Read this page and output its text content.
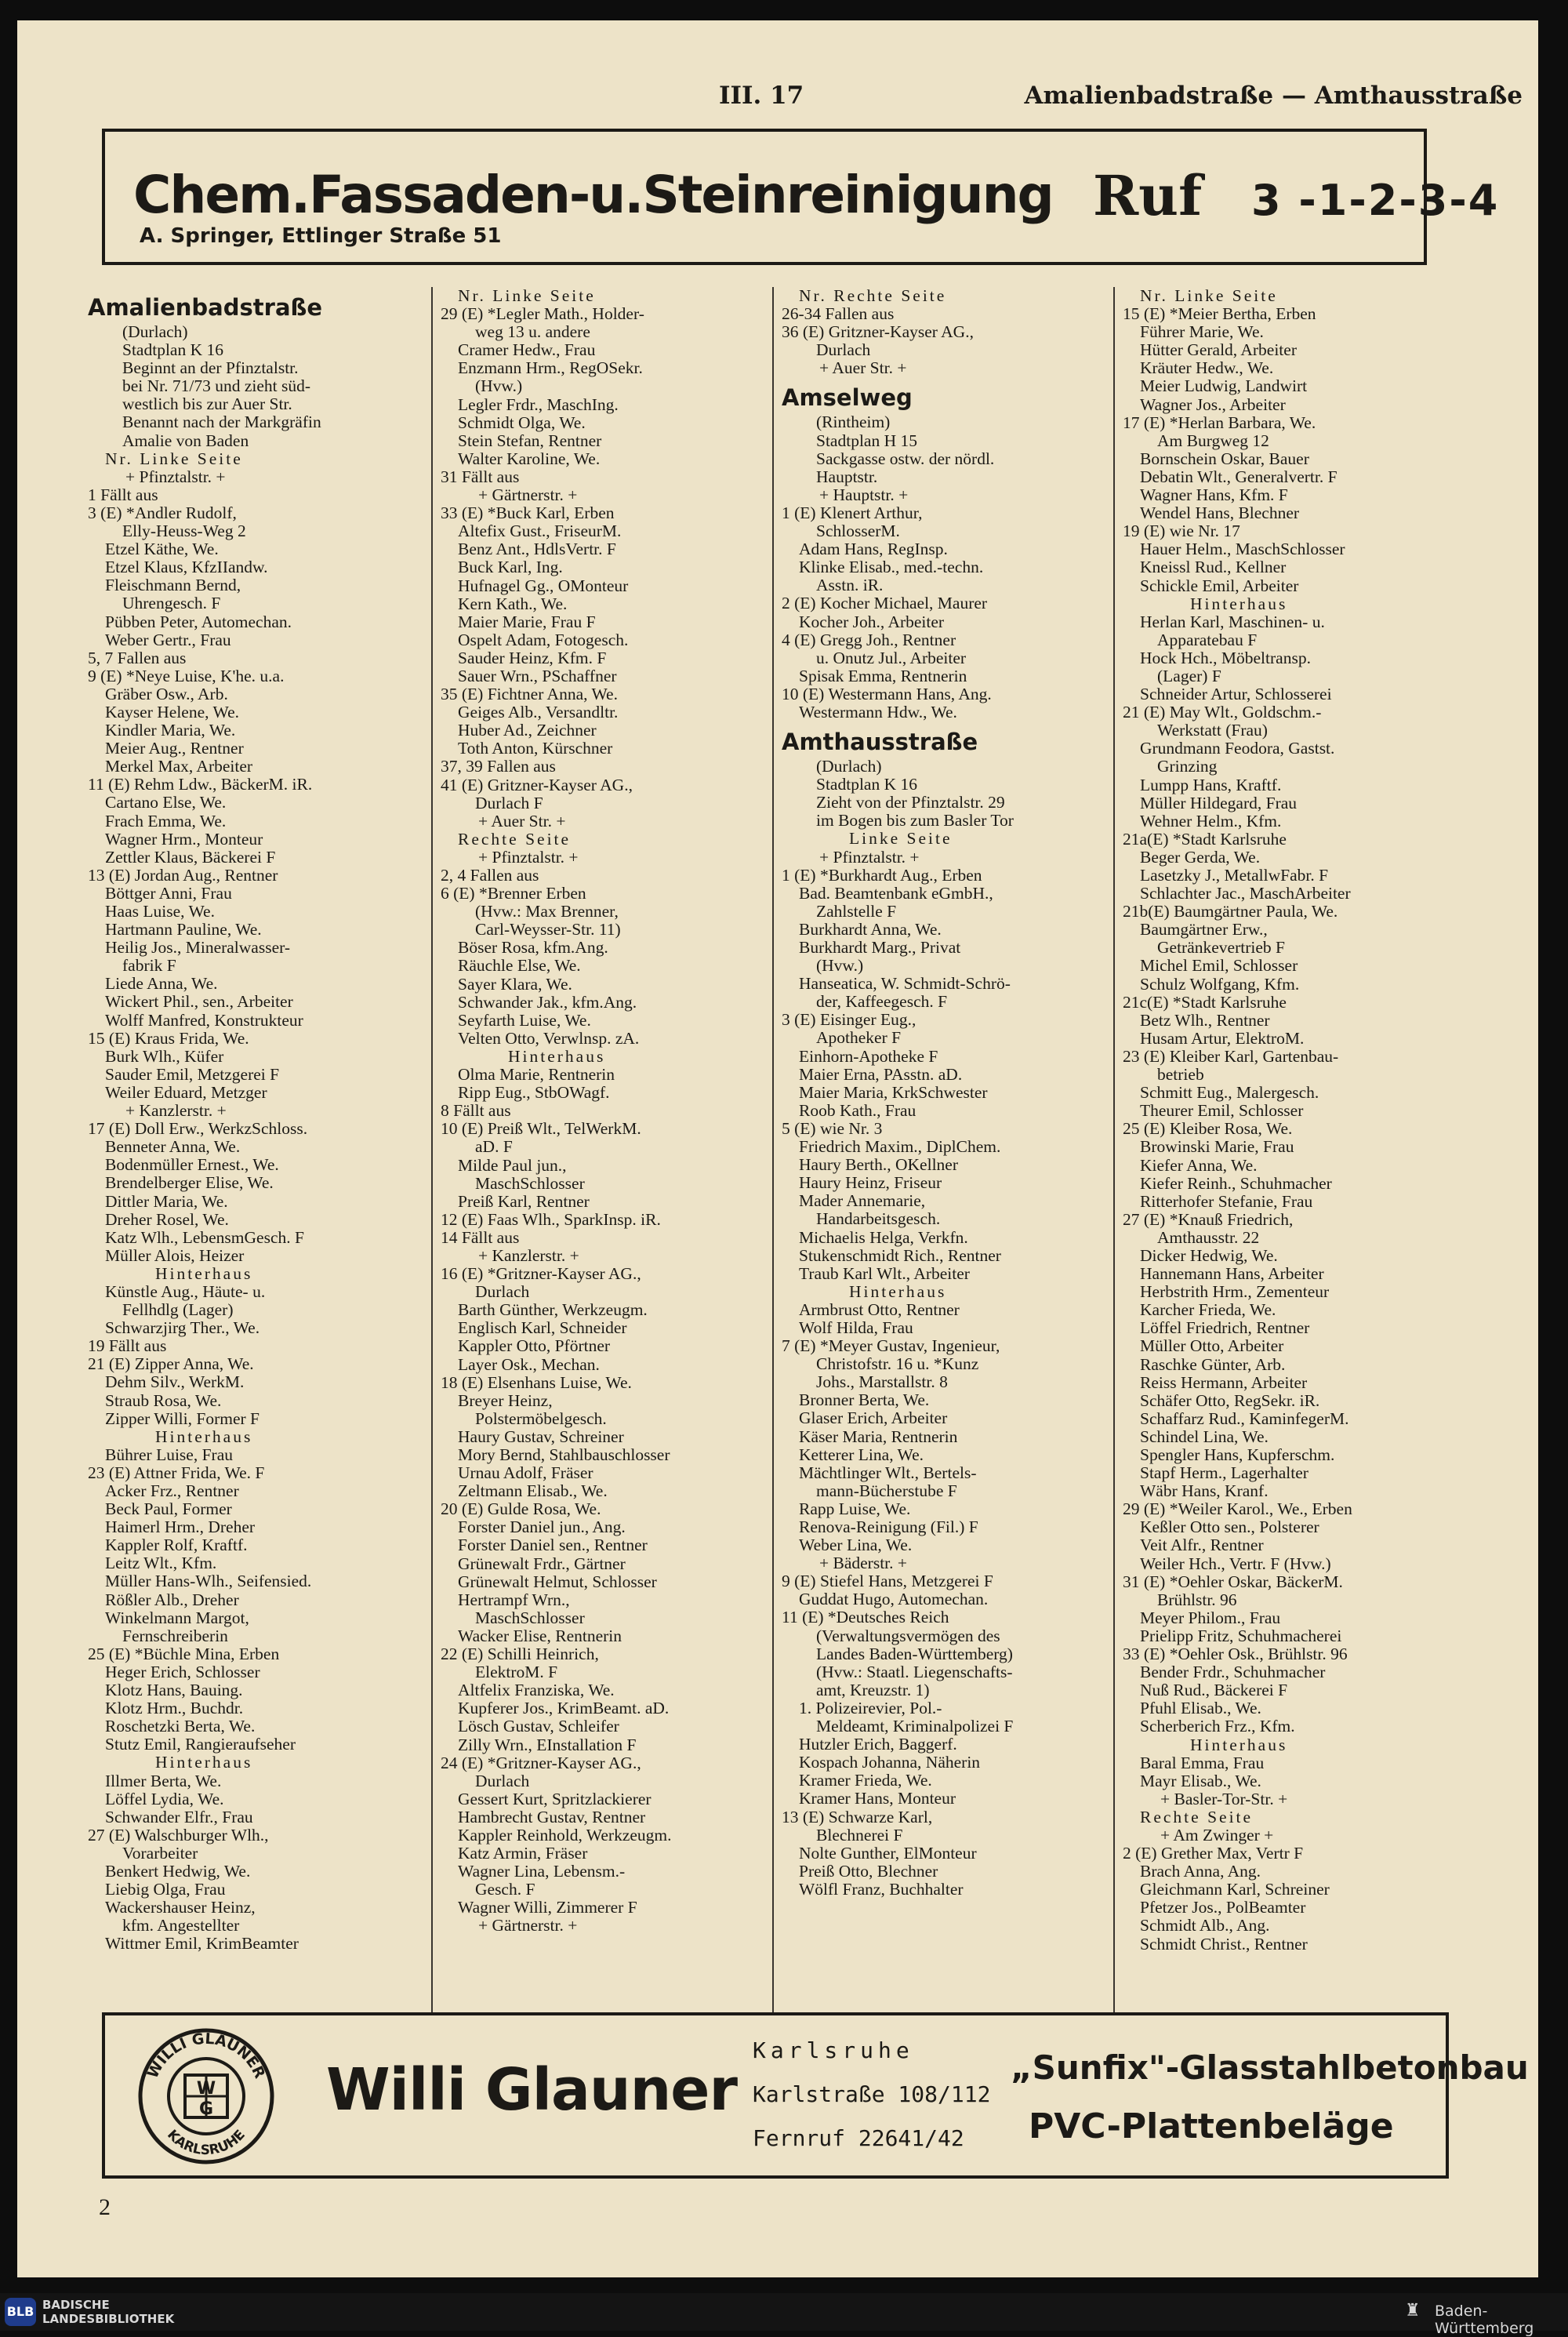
III. 17	Amalienbadstraße — Amthausstraße
Chem.Fassaden-u.Steinreinigung Ruf 3 -1-2-3-4
A. Springer, Ettlinger Straße 51
Amalienbadstraße
(Durlach)
Stadtplan K 16
Beginnt an der Pfinztalstr.
bei Nr. 71/73 und zieht süd-
westlich bis zur Auer Str.
Benannt nach der Markgräfin
Amalie von Baden
Nr. Linke Seite
+ Pfinztalstr. +
1 Fällt aus
3 (E) *Andler Rudolf,
Elly-Heuss-Weg 2
Etzel Käthe, We.
Etzel Klaus, KfzIIandw.
Fleischmann Bernd,
Uhrengesch. F
Pübben Peter, Automechan.
Weber Gertr., Frau
5, 7 Fallen aus
9 (E) *Neye Luise, K'he. u.a.
Gräber Osw., Arb.
Kayser Helene, We.
Kindler Maria, We.
Meier Aug., Rentner
Merkel Max, Arbeiter
11 (E) Rehm Ldw., BäckerM. iR.
Cartano Else, We.
Frach Emma, We.
Wagner Hrm., Monteur
Zettler Klaus, Bäckerei F
13 (E) Jordan Aug., Rentner
Böttger Anni, Frau
Haas Luise, We.
Hartmann Pauline, We.
Heilig Jos., Mineralwasser-
fabrik F
Liede Anna, We.
Wickert Phil., sen., Arbeiter
Wolff Manfred, Konstrukteur
15 (E) Kraus Frida, We.
Burk Wlh., Küfer
Sauder Emil, Metzgerei F
Weiler Eduard, Metzger
+ Kanzlerstr. +
17 (E) Doll Erw., WerkzSchloss.
Benneter Anna, We.
Bodenmüller Ernest., We.
Brendelberger Elise, We.
Dittler Maria, We.
Dreher Rosel, We.
Katz Wlh., LebensmGesch. F
Müller Alois, Heizer
Hinterhaus
Künstle Aug., Häute- u.
Fellhdlg (Lager)
Schwarzjirg Ther., We.
19 Fällt aus
21 (E) Zipper Anna, We.
Dehm Silv., WerkM.
Straub Rosa, We.
Zipper Willi, Former F
Hinterhaus
Bührer Luise, Frau
23 (E) Attner Frida, We. F
Acker Frz., Rentner
Beck Paul, Former
Haimerl Hrm., Dreher
Kappler Rolf, Kraftf.
Leitz Wlt., Kfm.
Müller Hans-Wlh., Seifensied.
Rößler Alb., Dreher
Winkelmann Margot,
Fernschreiberin
25 (E) *Büchle Mina, Erben
Heger Erich, Schlosser
Klotz Hans, Bauing.
Klotz Hrm., Buchdr.
Roschetzki Berta, We.
Stutz Emil, Rangieraufseher
Hinterhaus
Illmer Berta, We.
Löffel Lydia, We.
Schwander Elfr., Frau
27 (E) Walschburger Wlh.,
Vorarbeiter
Benkert Hedwig, We.
Liebig Olga, Frau
Wackershauser Heinz,
kfm. Angestellter
Wittmer Emil, KrimBeamter
Nr. Linke Seite
29 (E) *Legler Math., Holder-
weg 13 u. andere
Cramer Hedw., Frau
Enzmann Hrm., RegOSekr.
(Hvw.)
Legler Frdr., MaschIng.
Schmidt Olga, We.
Stein Stefan, Rentner
Walter Karoline, We.
31 Fällt aus
+ Gärtnerstr. +
33 (E) *Buck Karl, Erben
Altefix Gust., FriseurM.
Benz Ant., HdlsVertr. F
Buck Karl, Ing.
Hufnagel Gg., OMonteur
Kern Kath., We.
Maier Marie, Frau F
Ospelt Adam, Fotogesch.
Sauder Heinz, Kfm. F
Sauer Wrn., PSchaffner
35 (E) Fichtner Anna, We.
Geiges Alb., Versandltr.
Huber Ad., Zeichner
Toth Anton, Kürschner
37, 39 Fallen aus
41 (E) Gritzner-Kayser AG.,
Durlach F
+ Auer Str. +
Rechte Seite
+ Pfinztalstr. +
2, 4 Fallen aus
6 (E) *Brenner Erben
(Hvw.: Max Brenner,
Carl-Weysser-Str. 11)
Böser Rosa, kfm.Ang.
Räuchle Else, We.
Sayer Klara, We.
Schwander Jak., kfm.Ang.
Seyfarth Luise, We.
Velten Otto, Verwlnsp. zA.
Hinterhaus
Olma Marie, Rentnerin
Ripp Eug., StbOWagf.
8 Fällt aus
10 (E) Preiß Wlt., TelWerkM.
aD. F
Milde Paul jun.,
MaschSchlosser
Preiß Karl, Rentner
12 (E) Faas Wlh., SparkInsp. iR.
14 Fällt aus
+ Kanzlerstr. +
16 (E) *Gritzner-Kayser AG.,
Durlach
Barth Günther, Werkzeugm.
Englisch Karl, Schneider
Kappler Otto, Pförtner
Layer Osk., Mechan.
18 (E) Elsenhans Luise, We.
Breyer Heinz,
Polstermöbelgesch.
Haury Gustav, Schreiner
Mory Bernd, Stahlbauschlosser
Urnau Adolf, Fräser
Zeltmann Elisab., We.
20 (E) Gulde Rosa, We.
Forster Daniel jun., Ang.
Forster Daniel sen., Rentner
Grünewalt Frdr., Gärtner
Grünewalt Helmut, Schlosser
Hertrampf Wrn.,
MaschSchlosser
Wacker Elise, Rentnerin
22 (E) Schilli Heinrich,
ElektroM. F
Altfelix Franziska, We.
Kupferer Jos., KrimBeamt. aD.
Lösch Gustav, Schleifer
Zilly Wrn., EInstallation F
24 (E) *Gritzner-Kayser AG.,
Durlach
Gessert Kurt, Spritzlackierer
Hambrecht Gustav, Rentner
Kappler Reinhold, Werkzeugm.
Katz Armin, Fräser
Wagner Lina, Lebensm.-
Gesch. F
Wagner Willi, Zimmerer F
+ Gärtnerstr. +
Nr. Rechte Seite
26-34 Fallen aus
36 (E) Gritzner-Kayser AG.,
Durlach
+ Auer Str. +
Amselweg
(Rintheim)
Stadtplan H 15
Sackgasse ostw. der nördl.
Hauptstr.
+ Hauptstr. +
1 (E) Klenert Arthur,
SchlosserM.
Adam Hans, RegInsp.
Klinke Elisab., med.-techn.
Asstn. iR.
2 (E) Kocher Michael, Maurer
Kocher Joh., Arbeiter
4 (E) Gregg Joh., Rentner
u. Onutz Jul., Arbeiter
Spisak Emma, Rentnerin
10 (E) Westermann Hans, Ang.
Westermann Hdw., We.
Amthausstraße
(Durlach)
Stadtplan K 16
Zieht von der Pfinztalstr. 29
im Bogen bis zum Basler Tor
Linke Seite
+ Pfinztalstr. +
1 (E) *Burkhardt Aug., Erben
Bad. Beamtenbank eGmbH.,
Zahlstelle F
Burkhardt Anna, We.
Burkhardt Marg., Privat
(Hvw.)
Hanseatica, W. Schmidt-Schrö-
der, Kaffeegesch. F
3 (E) Eisinger Eug.,
Apotheker F
Einhorn-Apotheke F
Maier Erna, PAsstn. aD.
Maier Maria, KrkSchwester
Roob Kath., Frau
5 (E) wie Nr. 3
Friedrich Maxim., DiplChem.
Haury Berth., OKellner
Haury Heinz, Friseur
Mader Annemarie,
Handarbeitsgesch.
Michaelis Helga, Verkfn.
Stukenschmidt Rich., Rentner
Traub Karl Wlt., Arbeiter
Hinterhaus
Armbrust Otto, Rentner
Wolf Hilda, Frau
7 (E) *Meyer Gustav, Ingenieur,
Christofstr. 16 u. *Kunz
Johs., Marstallstr. 8
Bronner Berta, We.
Glaser Erich, Arbeiter
Käser Maria, Rentnerin
Ketterer Lina, We.
Mächtlinger Wlt., Bertels-
mann-Bücherstube F
Rapp Luise, We.
Renova-Reinigung (Fil.) F
Weber Lina, We.
+ Bäderstr. +
9 (E) Stiefel Hans, Metzgerei F
Guddat Hugo, Automechan.
11 (E) *Deutsches Reich
(Verwaltungsvermögen des
Landes Baden-Württemberg)
(Hvw.: Staatl. Liegenschafts-
amt, Kreuzstr. 1)
1. Polizeirevier, Pol.-
Meldeamt, Kriminalpolizei F
Hutzler Erich, Baggerf.
Kospach Johanna, Näherin
Kramer Frieda, We.
Kramer Hans, Monteur
13 (E) Schwarze Karl,
Blechnerei F
Nolte Gunther, ElMonteur
Preiß Otto, Blechner
Wölfl Franz, Buchhalter
Nr. Linke Seite
15 (E) *Meier Bertha, Erben
Führer Marie, We.
Hütter Gerald, Arbeiter
Kräuter Hedw., We.
Meier Ludwig, Landwirt
Wagner Jos., Arbeiter
17 (E) *Herlan Barbara, We.
Am Burgweg 12
Bornschein Oskar, Bauer
Debatin Wlt., Generalvertr. F
Wagner Hans, Kfm. F
Wendel Hans, Blechner
19 (E) wie Nr. 17
Hauer Helm., MaschSchlosser
Kneissl Rud., Kellner
Schickle Emil, Arbeiter
Hinterhaus
Herlan Karl, Maschinen- u.
Apparatebau F
Hock Hch., Möbeltransp.
(Lager) F
Schneider Artur, Schlosserei
21 (E) May Wlt., Goldschm.-
Werkstatt (Frau)
Grundmann Feodora, Gastst.
Grinzing
Lumpp Hans, Kraftf.
Müller Hildegard, Frau
Wehner Helm., Kfm.
21a(E) *Stadt Karlsruhe
Beger Gerda, We.
Lasetzky J., MetallwFabr. F
Schlachter Jac., MaschArbeiter
21b(E) Baumgärtner Paula, We.
Baumgärtner Erw.,
Getränkevertrieb F
Michel Emil, Schlosser
Schulz Wolfgang, Kfm.
21c(E) *Stadt Karlsruhe
Betz Wlh., Rentner
Husam Artur, ElektroM.
23 (E) Kleiber Karl, Gartenbau-
betrieb
Schmitt Eug., Malergesch.
Theurer Emil, Schlosser
25 (E) Kleiber Rosa, We.
Browinski Marie, Frau
Kiefer Anna, We.
Kiefer Reinh., Schuhmacher
Ritterhofer Stefanie, Frau
27 (E) *Knauß Friedrich,
Amthausstr. 22
Dicker Hedwig, We.
Hannemann Hans, Arbeiter
Herbstrith Hrm., Zementeur
Karcher Frieda, We.
Löffel Friedrich, Rentner
Müller Otto, Arbeiter
Raschke Günter, Arb.
Reiss Hermann, Arbeiter
Schäfer Otto, RegSekr. iR.
Schaffarz Rud., KaminfegerM.
Schindel Lina, We.
Spengler Hans, Kupferschm.
Stapf Herm., Lagerhalter
Wäbr Hans, Kranf.
29 (E) *Weiler Karol., We., Erben
Keßler Otto sen., Polsterer
Veit Alfr., Rentner
Weiler Hch., Vertr. F (Hvw.)
31 (E) *Oehler Oskar, BäckerM.
Brühlstr. 96
Meyer Philom., Frau
Prielipp Fritz, Schuhmacherei
33 (E) *Oehler Osk., Brühlstr. 96
Bender Frdr., Schuhmacher
Nuß Rud., Bäckerei F
Pfuhl Elisab., We.
Scherberich Frz., Kfm.
Hinterhaus
Baral Emma, Frau
Mayr Elisab., We.
+ Basler-Tor-Str. +
Rechte Seite
+ Am Zwinger +
2 (E) Grether Max, Vertr F
Brach Anna, Ang.
Gleichmann Karl, Schreiner
Pfetzer Jos., PolBeamter
Schmidt Alb., Ang.
Schmidt Christ., Rentner
WILLI GLAUNER
KARLSRUHE
W
G Willi Glauner
Karlsruhe
Karlstraße 108/112
Fernruf 22641/42
„Sunfix"-Glasstahlbetonbau
PVC-Plattenbeläge
2
BLB BADISCHE
LANDESBIBLIOTHEK	♜ Baden-Württemberg
